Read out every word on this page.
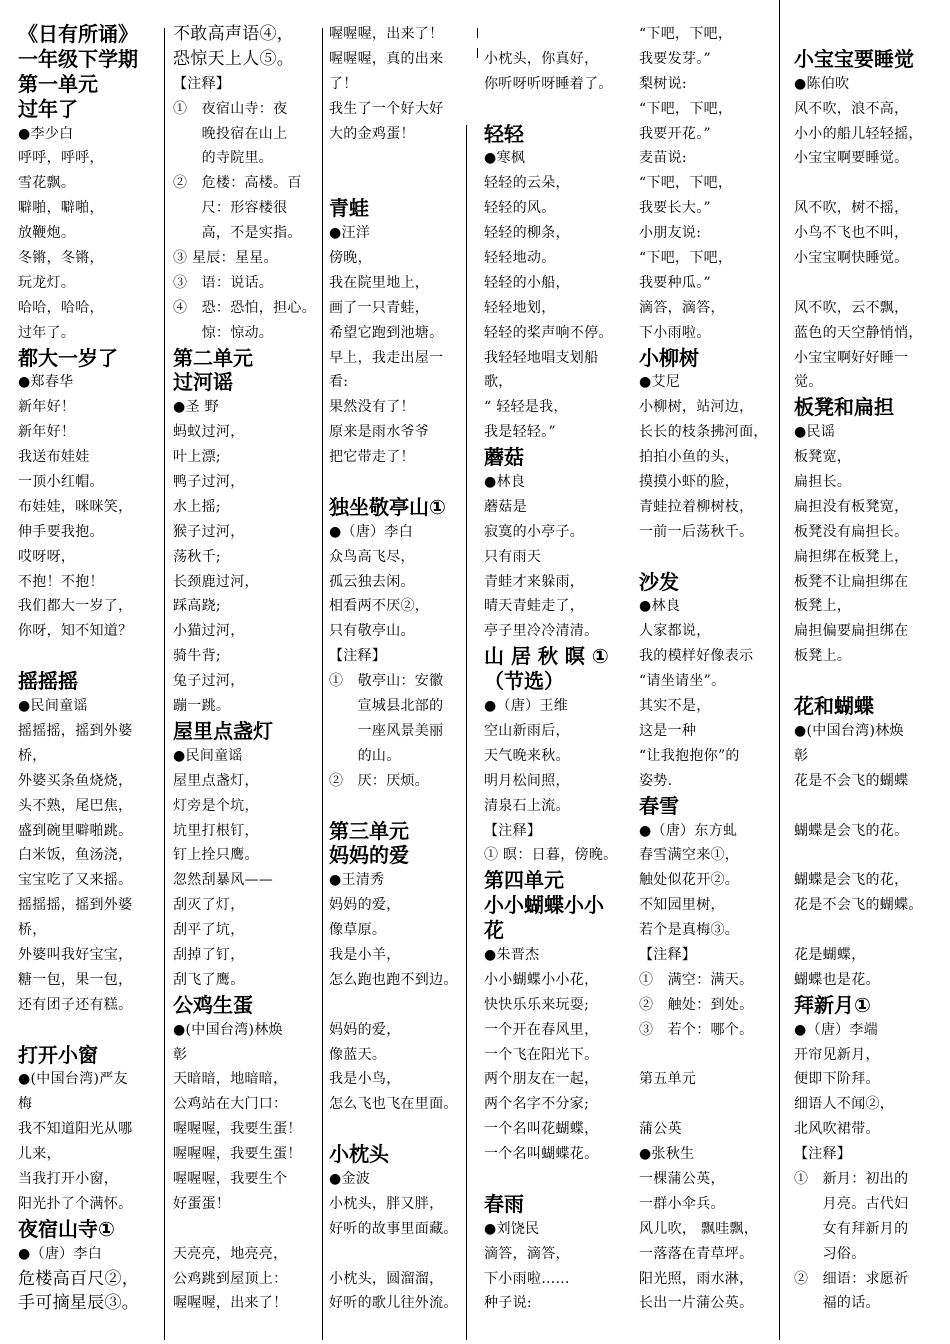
《日有所诵》
一年级下学期
第一单元
过年了
●李少白
呼呼，呼呼，
雪花飘。
噼啪，噼啪，
放鞭炮。
冬锵，冬锵，
玩龙灯。
哈哈，哈哈，
过年了。
都大一岁了
●郑春华
新年好！
新年好！
我送布娃娃
一顶小红帽。
布娃娃，咪咪笑，
伸手要我抱。
哎呀呀，
不抱！不抱！
我们都大一岁了，
你呀，知不知道？
摇摇摇
●民间童谣
摇摇摇，摇到外婆
桥，
外婆买条鱼烧烧，
头不熟，尾巴焦，
盛到碗里噼啪跳。
白米饭，鱼汤浇，
宝宝吃了又来摇。
摇摇摇，摇到外婆
桥，
外婆叫我好宝宝，
糖一包，果一包，
还有团子还有糕。
打开小窗
●(中国台湾)严友
梅
我不知道阳光从哪
儿来，
当我打开小窗，
阳光扑了个满怀。
夜宿山寺①
●（唐）李白
危楼高百尺②，
手可摘星辰③。
不敢高声语④，
恐惊天上人⑤。
【注释】
①　夜宿山寺：夜
　　晚投宿在山上
　　的寺院里。
②　危楼：高楼。百
　　尺：形容楼很
　　高，不是实指。
③ 星辰：星星。
③　语：说话。
④　恐：恐怕，担心。
　　惊：惊动。
第二单元
过河谣
●圣 野
蚂蚁过河，
叶上漂;
鸭子过河，
水上摇;
猴子过河，
荡秋千;
长颈鹿过河，
踩高跷;
小猫过河，
骑牛背;
兔子过河，
蹦一跳。
屋里点盏灯
●民间童谣
屋里点盏灯，
灯旁是个坑，
坑里打根钉，
钉上拴只鹰。
忽然刮暴风——
刮灭了灯，
刮平了坑，
刮掉了钉，
刮飞了鹰。
公鸡生蛋
●(中国台湾)林焕
彰
天暗暗，地暗暗，
公鸡站在大门口：
喔喔喔，我要生蛋！
喔喔喔，我要生蛋！
喔喔喔，我要生个
好蛋蛋！
天亮亮，地亮亮，
公鸡跳到屋顶上：
喔喔喔，出来了！
喔喔喔，出来了！
喔喔喔，真的出来
了！
我生了一个好大好
大的金鸡蛋！
青蛙
●汪洋
傍晚，
我在院里地上，
画了一只青蛙，
希望它跑到池塘。
早上，我走出屋一
看:
果然没有了！
原来是雨水爷爷
把它带走了！
独坐敬亭山①
●（唐）李白
众鸟高飞尽，
孤云独去闲。
相看两不厌②，
只有敬亭山。
【注释】
①　敬亭山：安徽
　　宣城县北部的
　　一座风景美丽
　　的山。
②　厌：厌烦。
第三单元
妈妈的爱
●王清秀
妈妈的爱，
像草原。
我是小羊，
怎么跑也跑不到边。
妈妈的爱，
像蓝天。
我是小鸟，
怎么飞也飞在里面。
小枕头
●金波
小枕头，胖又胖，
好听的故事里面藏。
小枕头，圆溜溜，
好听的歌儿往外流。
小枕头，你真好，
你听呀听呀睡着了。
轻轻
●寒枫
轻轻的云朵，
轻轻的风。
轻轻的柳条，
轻轻地动。
轻轻的小船，
轻轻地划，
轻轻的桨声响不停。
我轻轻地唱支划船
歌，
“ 轻轻是我，
我是轻轻。”
蘑菇
●林良
蘑菇是
寂寞的小亭子。
只有雨天
青蛙才来躲雨，
晴天青蛙走了，
亭子里冷冷清清。
山 居 秋 暝 ①
（节选）
●（唐）王维
空山新雨后，
天气晚来秋。
明月松间照，
清泉石上流。
【注释】
① 暝：日暮，傍晚。
第四单元
小小蝴蝶小小
花
●朱晋杰
小小蝴蝶小小花，
快快乐乐来玩耍;
一个开在春风里，
一个飞在阳光下。
两个朋友在一起，
两个名字不分家;
一个名叫花蝴蝶，
一个名叫蝴蝶花。
春雨
●刘饶民
滴答，滴答，
下小雨啦……
种子说:
“下吧，下吧，
我要发芽。”
梨树说:
“下吧，下吧，
我要开花。”
麦苗说:
“下吧，下吧，
我要长大。”
小朋友说:
“下吧，下吧，
我要种瓜。”
滴答，滴答，
下小雨啦。
小柳树
●艾尼
小柳树，站河边，
长长的枝条拂河面，
拍拍小鱼的头，
摸摸小虾的脸，
青蛙拉着柳树枝，
一前一后荡秋千。
沙发
●林良
人家都说，
我的模样好像表示
“请坐请坐”。
其实不是，
这是一种
“让我抱抱你”的
姿势.
春雪
●（唐）东方虬
春雪满空来①，
触处似花开②。
不知园里树，
若个是真梅③。
【注释】
①　满空：满天。
②　触处：到处。
③　若个：哪个。
第五单元
蒲公英
●张秋生
一棵蒲公英，
一群小伞兵。
风儿吹， 飘哇飘，
一落落在青草坪。
阳光照，雨水淋，
长出一片蒲公英。
小宝宝要睡觉
●陈伯吹
风不吹，浪不高，
小小的船儿轻轻摇，
小宝宝啊要睡觉。
风不吹，树不摇，
小鸟不飞也不叫，
小宝宝啊快睡觉。
风不吹，云不飘，
蓝色的天空静悄悄，
小宝宝啊好好睡一
觉。
板凳和扁担
●民谣
板凳宽，
扁担长。
扁担没有板凳宽，
板凳没有扁担长。
扁担绑在板凳上，
板凳不让扁担绑在
板凳上，
扁担偏要扁担绑在
板凳上。
花和蝴蝶
●(中国台湾)林焕
彰
花是不会飞的蝴蝶
蝴蝶是会飞的花。
蝴蝶是会飞的花，
花是不会飞的蝴蝶。
花是蝴蝶，
蝴蝶也是花。
拜新月①
●（唐）李端
开帘见新月，
便即下阶拜。
细语人不闻②，
北风吹裙带。
【注释】
①　新月：初出的
　　月亮。古代妇
　　女有拜新月的
　　习俗。
②　细语：求愿祈
　　福的话。
